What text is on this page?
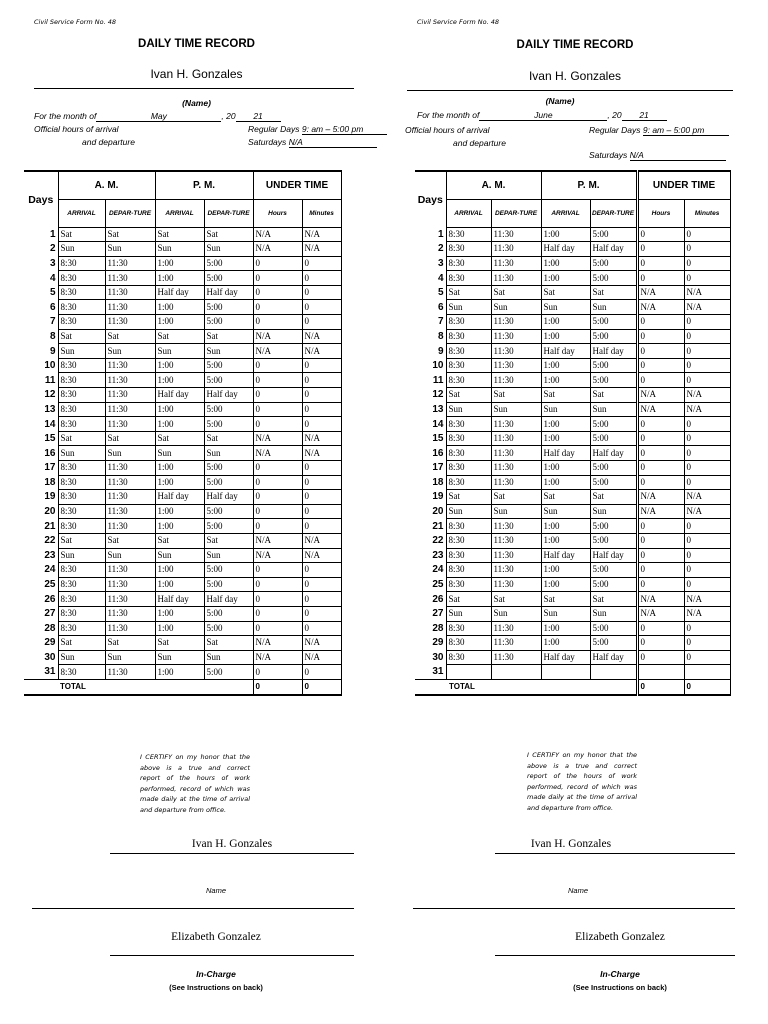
Civil Service Form No. 48
DAILY TIME RECORD
Ivan H. Gonzales
(Name)
For the month of	May	, 20 21
Official hours of arrival
and departure
Regular Days 9: am – 5:00 pm
Saturdays N/A
Days	A. M.		P. M.		UNDER TIME	
	ARRIVAL	DEPAR-TURE	ARRIVAL	DEPAR-TURE	Hours	Minutes
1	Sat	Sat	Sat	Sat	N/A	N/A
2	Sun	Sun	Sun	Sun	N/A	N/A
3	8:30	11:30	1:00	5:00	0	0
4	8:30	11:30	1:00	5:00	0	0
5	8:30	11:30	Half day	Half day	0	0
6	8:30	11:30	1:00	5:00	0	0
7	8:30	11:30	1:00	5:00	0	0
8	Sat	Sat	Sat	Sat	N/A	N/A
9	Sun	Sun	Sun	Sun	N/A	N/A
10	8:30	11:30	1:00	5:00	0	0
11	8:30	11:30	1:00	5:00	0	0
12	8:30	11:30	Half day	Half day	0	0
13	8:30	11:30	1:00	5:00	0	0
14	8:30	11:30	1:00	5:00	0	0
15	Sat	Sat	Sat	Sat	N/A	N/A
16	Sun	Sun	Sun	Sun	N/A	N/A
17	8:30	11:30	1:00	5:00	0	0
18	8:30	11:30	1:00	5:00	0	0
19	8:30	11:30	Half day	Half day	0	0
20	8:30	11:30	1:00	5:00	0	0
21	8:30	11:30	1:00	5:00	0	0
22	Sat	Sat	Sat	Sat	N/A	N/A
23	Sun	Sun	Sun	Sun	N/A	N/A
24	8:30	11:30	1:00	5:00	0	0
25	8:30	11:30	1:00	5:00	0	0
26	8:30	11:30	Half day	Half day	0	0
27	8:30	11:30	1:00	5:00	0	0
28	8:30	11:30	1:00	5:00	0	0
29	Sat	Sat	Sat	Sat	N/A	N/A
30	Sun	Sun	Sun	Sun	N/A	N/A
31	8:30	11:30	1:00	5:00	0	0
TOTAL					0	0
I CERTIFY on my honor that the above is a true and correct report of the hours of work performed, record of which was made daily at the time of arrival and departure from office.
Ivan H. Gonzales
Name
Elizabeth Gonzalez
In-Charge
(See Instructions on back)
Civil Service Form No. 48
DAILY TIME RECORD
Ivan H. Gonzales
(Name)
For the month of	June	, 20 21
Official hours of arrival
and departure
Regular Days 9: am – 5:00 pm
Saturdays N/A
Days	A. M.		P. M.		UNDER TIME	
	ARRIVAL	DEPAR-TURE	ARRIVAL	DEPAR-TURE	Hours	Minutes
1	8:30	11:30	1:00	5:00	0	0
2	8:30	11:30	Half day	Half day	0	0
3	8:30	11:30	1:00	5:00	0	0
4	8:30	11:30	1:00	5:00	0	0
5	Sat	Sat	Sat	Sat	N/A	N/A
6	Sun	Sun	Sun	Sun	N/A	N/A
7	8:30	11:30	1:00	5:00	0	0
8	8:30	11:30	1:00	5:00	0	0
9	8:30	11:30	Half day	Half day	0	0
10	8:30	11:30	1:00	5:00	0	0
11	8:30	11:30	1:00	5:00	0	0
12	Sat	Sat	Sat	Sat	N/A	N/A
13	Sun	Sun	Sun	Sun	N/A	N/A
14	8:30	11:30	1:00	5:00	0	0
15	8:30	11:30	1:00	5:00	0	0
16	8:30	11:30	Half day	Half day	0	0
17	8:30	11:30	1:00	5:00	0	0
18	8:30	11:30	1:00	5:00	0	0
19	Sat	Sat	Sat	Sat	N/A	N/A
20	Sun	Sun	Sun	Sun	N/A	N/A
21	8:30	11:30	1:00	5:00	0	0
22	8:30	11:30	1:00	5:00	0	0
23	8:30	11:30	Half day	Half day	0	0
24	8:30	11:30	1:00	5:00	0	0
25	8:30	11:30	1:00	5:00	0	0
26	Sat	Sat	Sat	Sat	N/A	N/A
27	Sun	Sun	Sun	Sun	N/A	N/A
28	8:30	11:30	1:00	5:00	0	0
29	8:30	11:30	1:00	5:00	0	0
30	8:30	11:30	Half day	Half day	0	0
31						
TOTAL					0	0
I CERTIFY on my honor that the above is a true and correct report of the hours of work performed, record of which was made daily at the time of arrival and departure from office.
Ivan H. Gonzales
Name
Elizabeth Gonzalez
In-Charge
(See Instructions on back)
